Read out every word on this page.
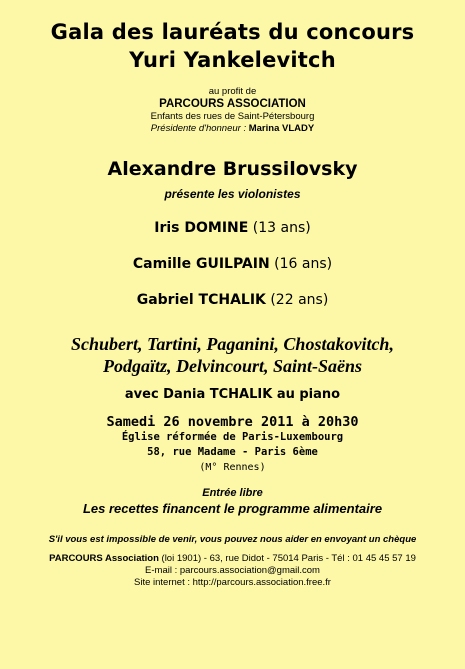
Gala des lauréats du concours
Yuri Yankelevitch
au profit de
PARCOURS ASSOCIATION
Enfants des rues de Saint-Pétersbourg
Présidente d'honneur : Marina VLADY
Alexandre Brussilovsky
présente les violonistes
Iris DOMINE (13 ans)
Camille GUILPAIN (16 ans)
Gabriel TCHALIK (22 ans)
Schubert, Tartini, Paganini, Chostakovitch,
Podgaïtz, Delvincourt, Saint-Saëns
avec Dania TCHALIK au piano
Samedi 26 novembre 2011 à 20h30
Église réformée de Paris-Luxembourg
58, rue Madame - Paris 6ème
(M° Rennes)
Entrée libre
Les recettes financent le programme alimentaire
S'il vous est impossible de venir, vous pouvez nous aider en envoyant un chèque
PARCOURS Association (loi 1901) - 63, rue Didot - 75014 Paris - Tél : 01 45 45 57 19
E-mail : parcours.association@gmail.com
Site internet : http://parcours.association.free.fr
